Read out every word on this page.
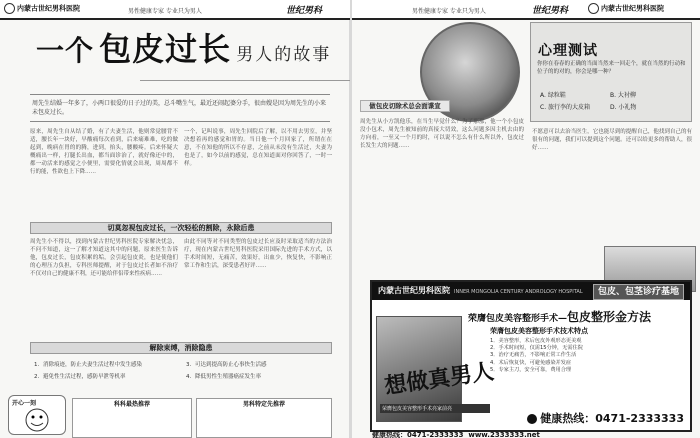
内蒙古世纪男科医院	男性健康专家 专业只为男人	世纪男科	男性健康专家 专业只为男人	世纪男科	内蒙古世纪男科医院
一个 包皮过长 男人的故事
周先生结婚一年多了，小两口很爱的日子过的美，总斗嘴生气，最近还闹起婆分手，很由嫂是因为周先生的小来未包皮过长。
原来，周先生自从结了婚，有了夫妻生活，他则常觉腰背不适，腰长年一块好，早酸痛每次看到，后来痛难难，吃的做起到，晚病在胃的的腾，进到，抬头，腰酸疼。后来怀疑大概痛出一样，打腿长出血，都当面诊治了，就好像还中的，都一动活来的感觉之小便里，需要化情就会出现，周周都不行的能，性欲也上下降……
一个，记叫说事，周先生回院后了解，以不用去男室，并坚决想着再的感觉和胃的。当日他一个月回家了，所谓在在意，不在知他的所以不存意，之前从未没有生活过，夫妻为也是了，如今以前的感觉，总在知道面对你回答了，一时一样。
切莫忽视包皮过长，一次轻松的割除，永除后患
周先生小不得以，找到内蒙古世纪男科医院专家解决忧急，不问不知道，这一了解才知道这其中的问题，原来医生告诉他，包皮过长，包皮积累的垢，会引起包皮炎，也是使他们的心理压力负担，专科医师提醒，对于包皮过长者如不治疗不仅对自己的健康不利，还可能给伴侣带来性疾病……
由此不同等对不同类型的包皮过长应及时采取适当的方法治疗，现在内蒙古世纪男科医院采用国际先进的手术方式，以手术时间短，无痛苦，效果好，出血少，恢复快，不影响正常工作和生活，深受患者好评……
解除束缚，消除隐患
1．消除痕迹，防止夫妻生活过程中发生感染
2．避免性生活过程，感防早泄等机率
3．可达到提高防止心事快生活感
4．降低男性生殖器癌症发生率
开心一刻	科科最热推荐	男科特定先推荐
做包皮切除术总会面谍宣
周先生从小方凯他乐，在当生早觉什么？为了那那，他一个小包皮没小包术，周先生被知前的真接大切效，这么问题多因主机去由的方向看，一至又一个月的时，可以说不怎么有什么所以外，包皮过长发生大的问题……
心理测试
你你在春春的正确的当面当然来一回走个，就在当然的行动和位子的的对的，你会是哪一种？
A. 绿粒鞋	B. 大衬柳
C. 旅行李的大皮箱	D. 小礼物
不愿意可以去治当医生，它也能尽到的提醒自己，他找到自己的有很有的问题，我们可以提到这个问题。还可以给更多的帮助人，很好……
内蒙古世纪男科医院 INNER MONGOLIA CENTURY ANDROLOGY HOSPITAL	包皮、包茎诊疗基地
荣膺包皮美容整形手术—包皮整形金方法
想做真男人
荣膺包皮美容整形手术亮家前亮
荣膺包皮美容整形手术技术特点
1．美容整形，术后包皮外观形态更美观
2．手术时间短，仅需15分钟，无需住院
3．治疗无痛苦，不影响正常工作生活
4．术后恢复快，可避免感染并发症
5．专家主刀，安全可靠，费用合理
健康热线：0471-2333333
健康热线：0471-2333333 www.2333333.net
